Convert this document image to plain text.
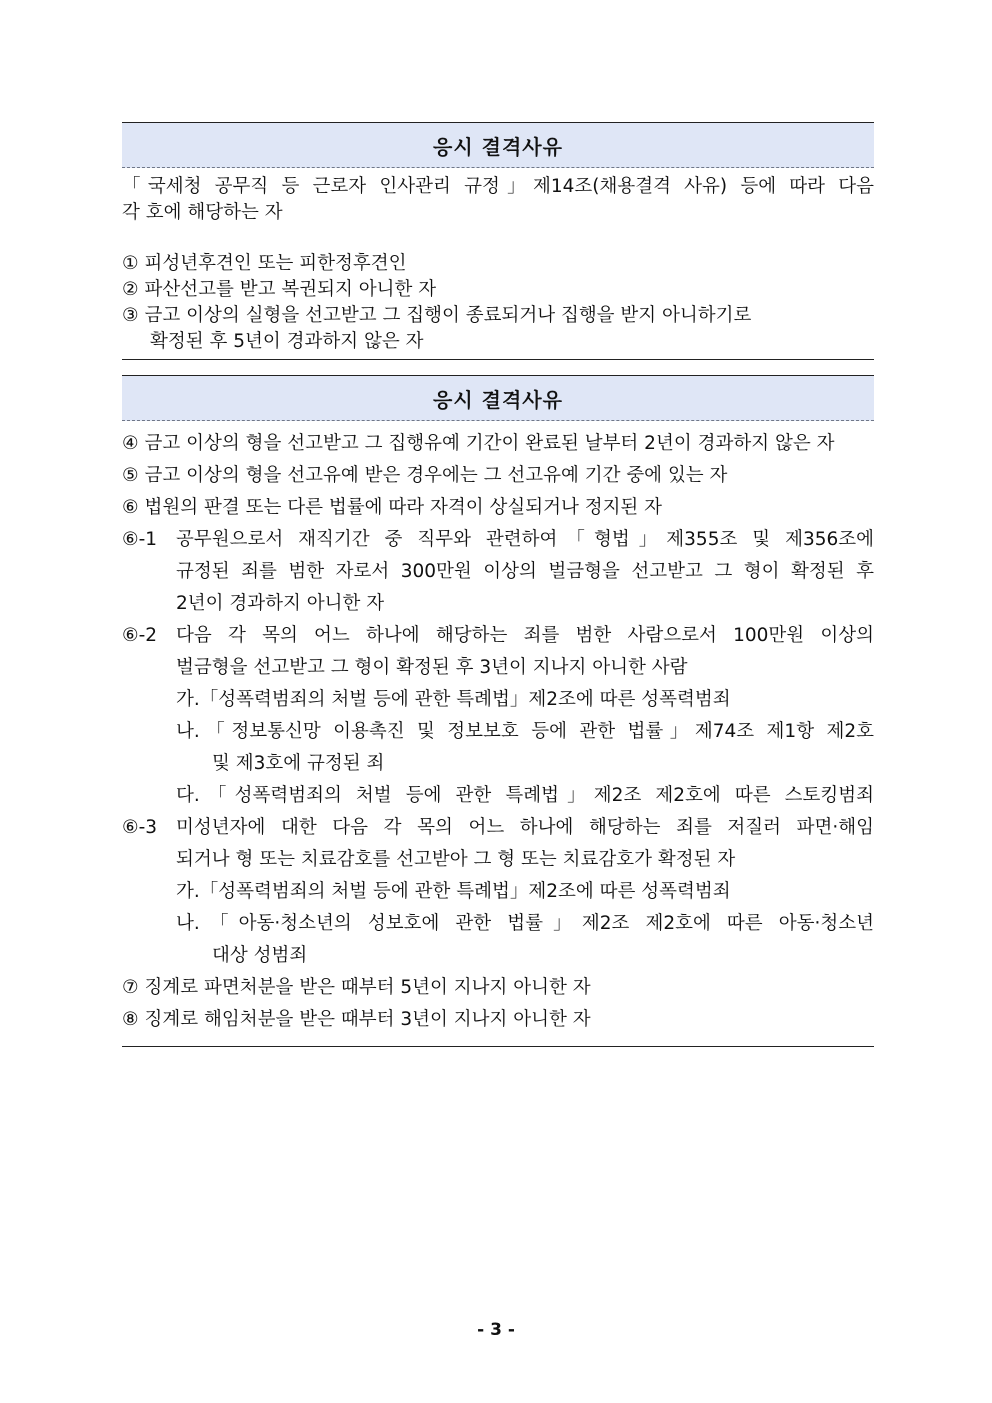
응시 결격사유
「국세청 공무직 등 근로자 인사관리 규정」제14조(채용결격 사유) 등에 따라 다음
각 호에 해당하는 자
① 피성년후견인 또는 피한정후견인
② 파산선고를 받고 복권되지 아니한 자
③ 금고 이상의 실형을 선고받고 그 집행이 종료되거나 집행을 받지 아니하기로
확정된 후 5년이 경과하지 않은 자
응시 결격사유
④ 금고 이상의 형을 선고받고 그 집행유예 기간이 완료된 날부터 2년이 경과하지 않은 자
⑤ 금고 이상의 형을 선고유예 받은 경우에는 그 선고유예 기간 중에 있는 자
⑥ 법원의 판결 또는 다른 법률에 따라 자격이 상실되거나 정지된 자
⑥-1	공무원으로서 재직기간 중 직무와 관련하여「형법」제355조 및 제356조에
규정된 죄를 범한 자로서 300만원 이상의 벌금형을 선고받고 그 형이 확정된 후
2년이 경과하지 아니한 자
⑥-2	다음 각 목의 어느 하나에 해당하는 죄를 범한 사람으로서 100만원 이상의
벌금형을 선고받고 그 형이 확정된 후 3년이 지나지 아니한 사람
가.「성폭력범죄의 처벌 등에 관한 특례법」제2조에 따른 성폭력범죄
나.「정보통신망 이용촉진 및 정보보호 등에 관한 법률」제74조 제1항 제2호
및 제3호에 규정된 죄
다.「성폭력범죄의 처벌 등에 관한 특례법」제2조 제2호에 따른 스토킹범죄
⑥-3	미성년자에 대한 다음 각 목의 어느 하나에 해당하는 죄를 저질러 파면·해임
되거나 형 또는 치료감호를 선고받아 그 형 또는 치료감호가 확정된 자
가.「성폭력범죄의 처벌 등에 관한 특례법」제2조에 따른 성폭력범죄
나.「아동·청소년의 성보호에 관한 법률」제2조 제2호에 따른 아동·청소년
대상 성범죄
⑦ 징계로 파면처분을 받은 때부터 5년이 지나지 아니한 자
⑧ 징계로 해임처분을 받은 때부터 3년이 지나지 아니한 자
- 3 -
